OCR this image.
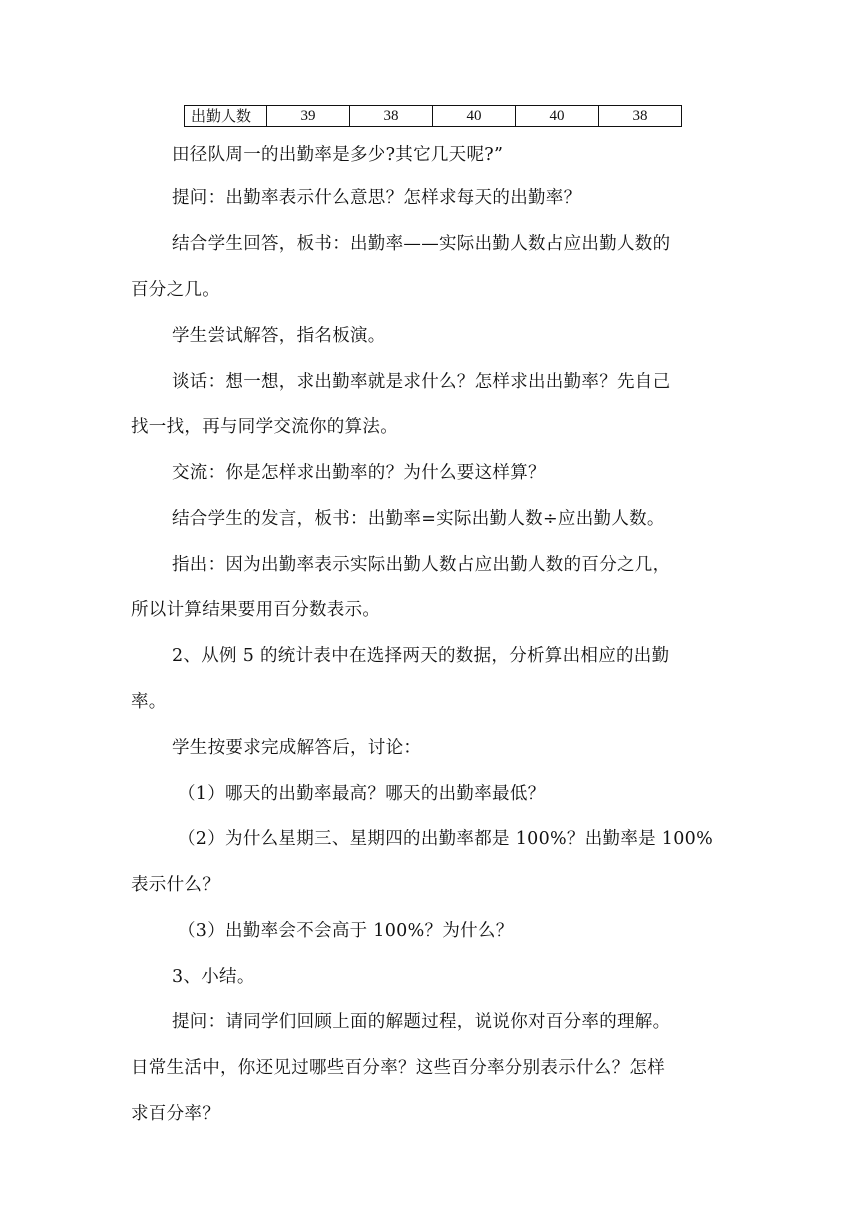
出勤人数	39	38	40	40	38
田径队周一的出勤率是多少?其它几天呢?”
提问：出勤率表示什么意思？怎样求每天的出勤率？
结合学生回答，板书：出勤率——实际出勤人数占应出勤人数的
百分之几。
学生尝试解答，指名板演。
谈话：想一想，求出勤率就是求什么？怎样求出出勤率？先自己
找一找，再与同学交流你的算法。
交流：你是怎样求出勤率的？为什么要这样算？
结合学生的发言，板书：出勤率=实际出勤人数÷应出勤人数。
指出：因为出勤率表示实际出勤人数占应出勤人数的百分之几，
所以计算结果要用百分数表示。
2、从例 5 的统计表中在选择两天的数据，分析算出相应的出勤
率。
学生按要求完成解答后，讨论：
（1）哪天的出勤率最高？哪天的出勤率最低？
（2）为什么星期三、星期四的出勤率都是 100%？出勤率是 100%
表示什么？
（3）出勤率会不会高于 100%？为什么？
3、小结。
提问：请同学们回顾上面的解题过程，说说你对百分率的理解。
日常生活中，你还见过哪些百分率？这些百分率分别表示什么？怎样
求百分率？
